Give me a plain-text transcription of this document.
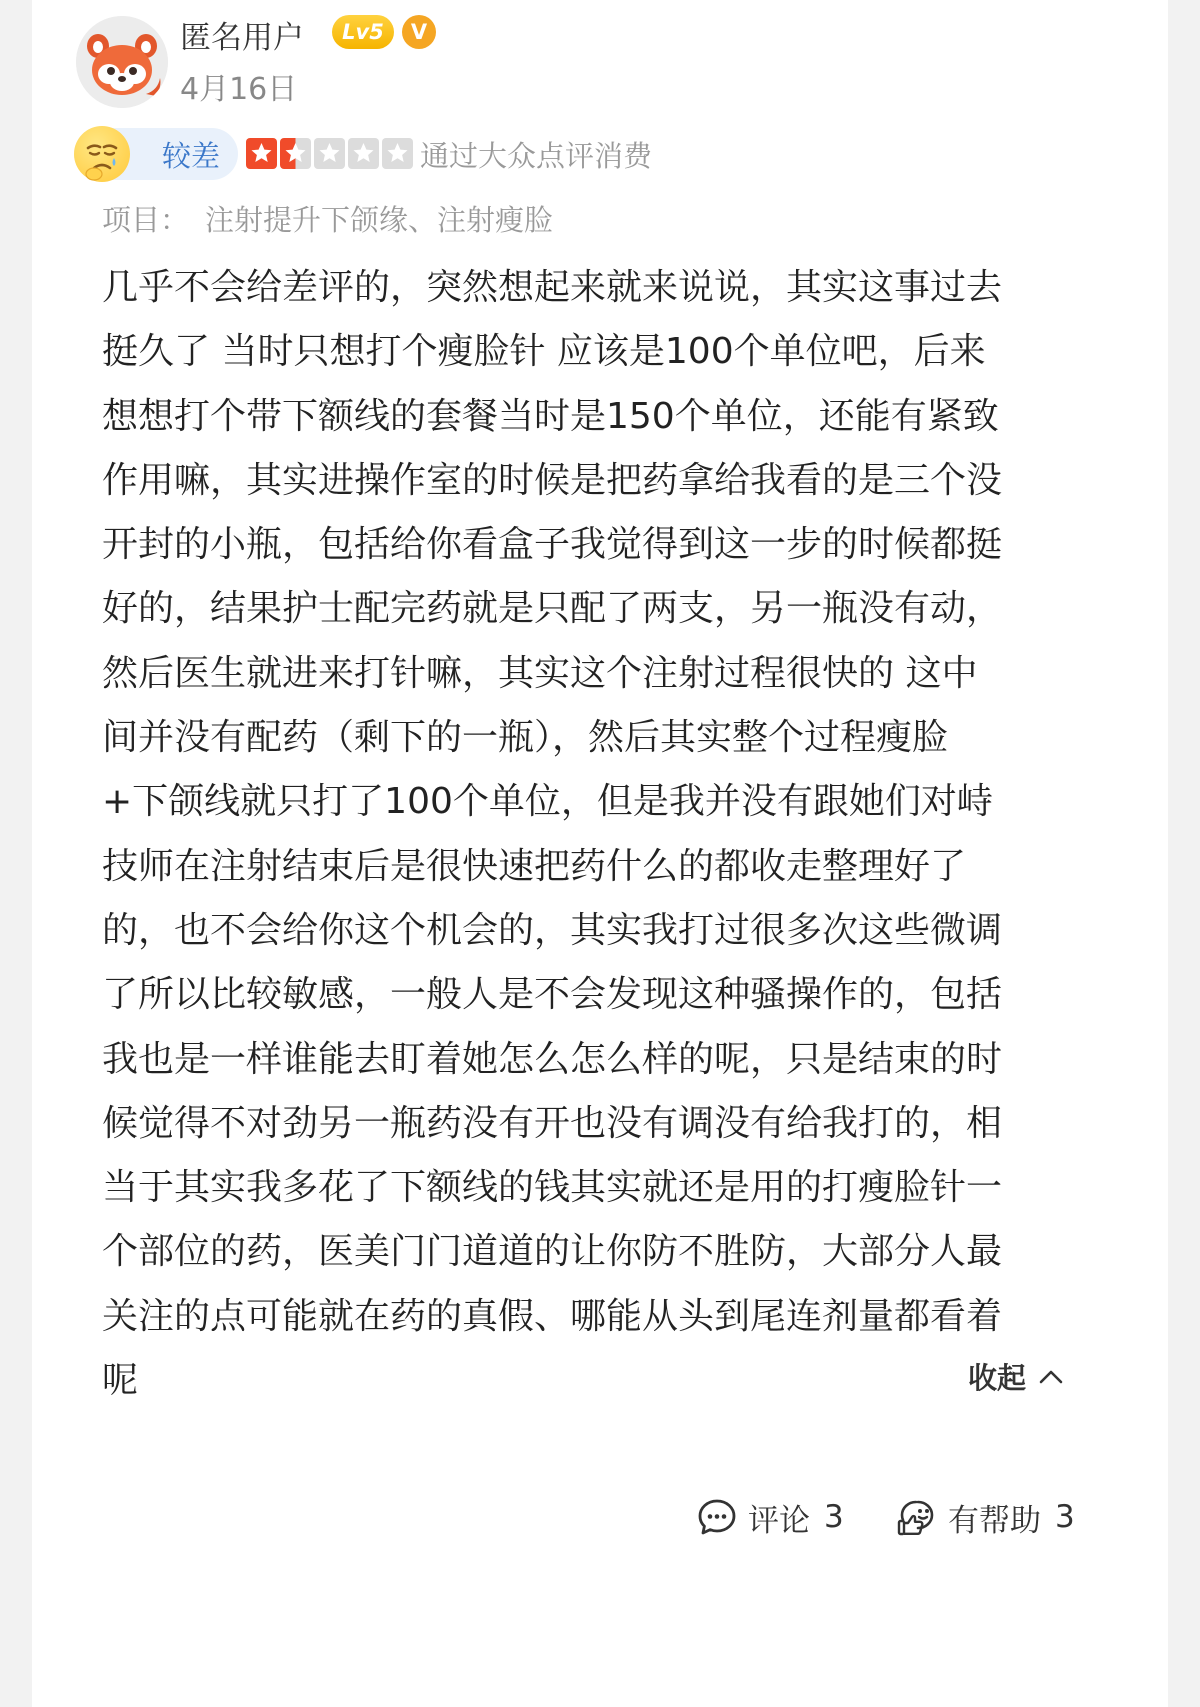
匿名用户	Lv5	V
4月16日
较差	通过大众点评消费
项目： 注射提升下颌缘、注射瘦脸
几乎不会给差评的，突然想起来就来说说，其实这事过去
挺久了 当时只想打个瘦脸针 应该是100个单位吧，后来
想想打个带下额线的套餐当时是150个单位，还能有紧致
作用嘛，其实进操作室的时候是把药拿给我看的是三个没
开封的小瓶，包括给你看盒子我觉得到这一步的时候都挺
好的，结果护士配完药就是只配了两支，另一瓶没有动，
然后医生就进来打针嘛，其实这个注射过程很快的 这中
间并没有配药（剩下的一瓶），然后其实整个过程瘦脸
+下颌线就只打了100个单位，但是我并没有跟她们对峙
技师在注射结束后是很快速把药什么的都收走整理好了
的，也不会给你这个机会的，其实我打过很多次这些微调
了所以比较敏感，一般人是不会发现这种骚操作的，包括
我也是一样谁能去盯着她怎么怎么样的呢，只是结束的时
候觉得不对劲另一瓶药没有开也没有调没有给我打的，相
当于其实我多花了下额线的钱其实就还是用的打瘦脸针一
个部位的药，医美门门道道的让你防不胜防，大部分人最
关注的点可能就在药的真假、哪能从头到尾连剂量都看着
呢	收起
评论 3	有帮助 3
